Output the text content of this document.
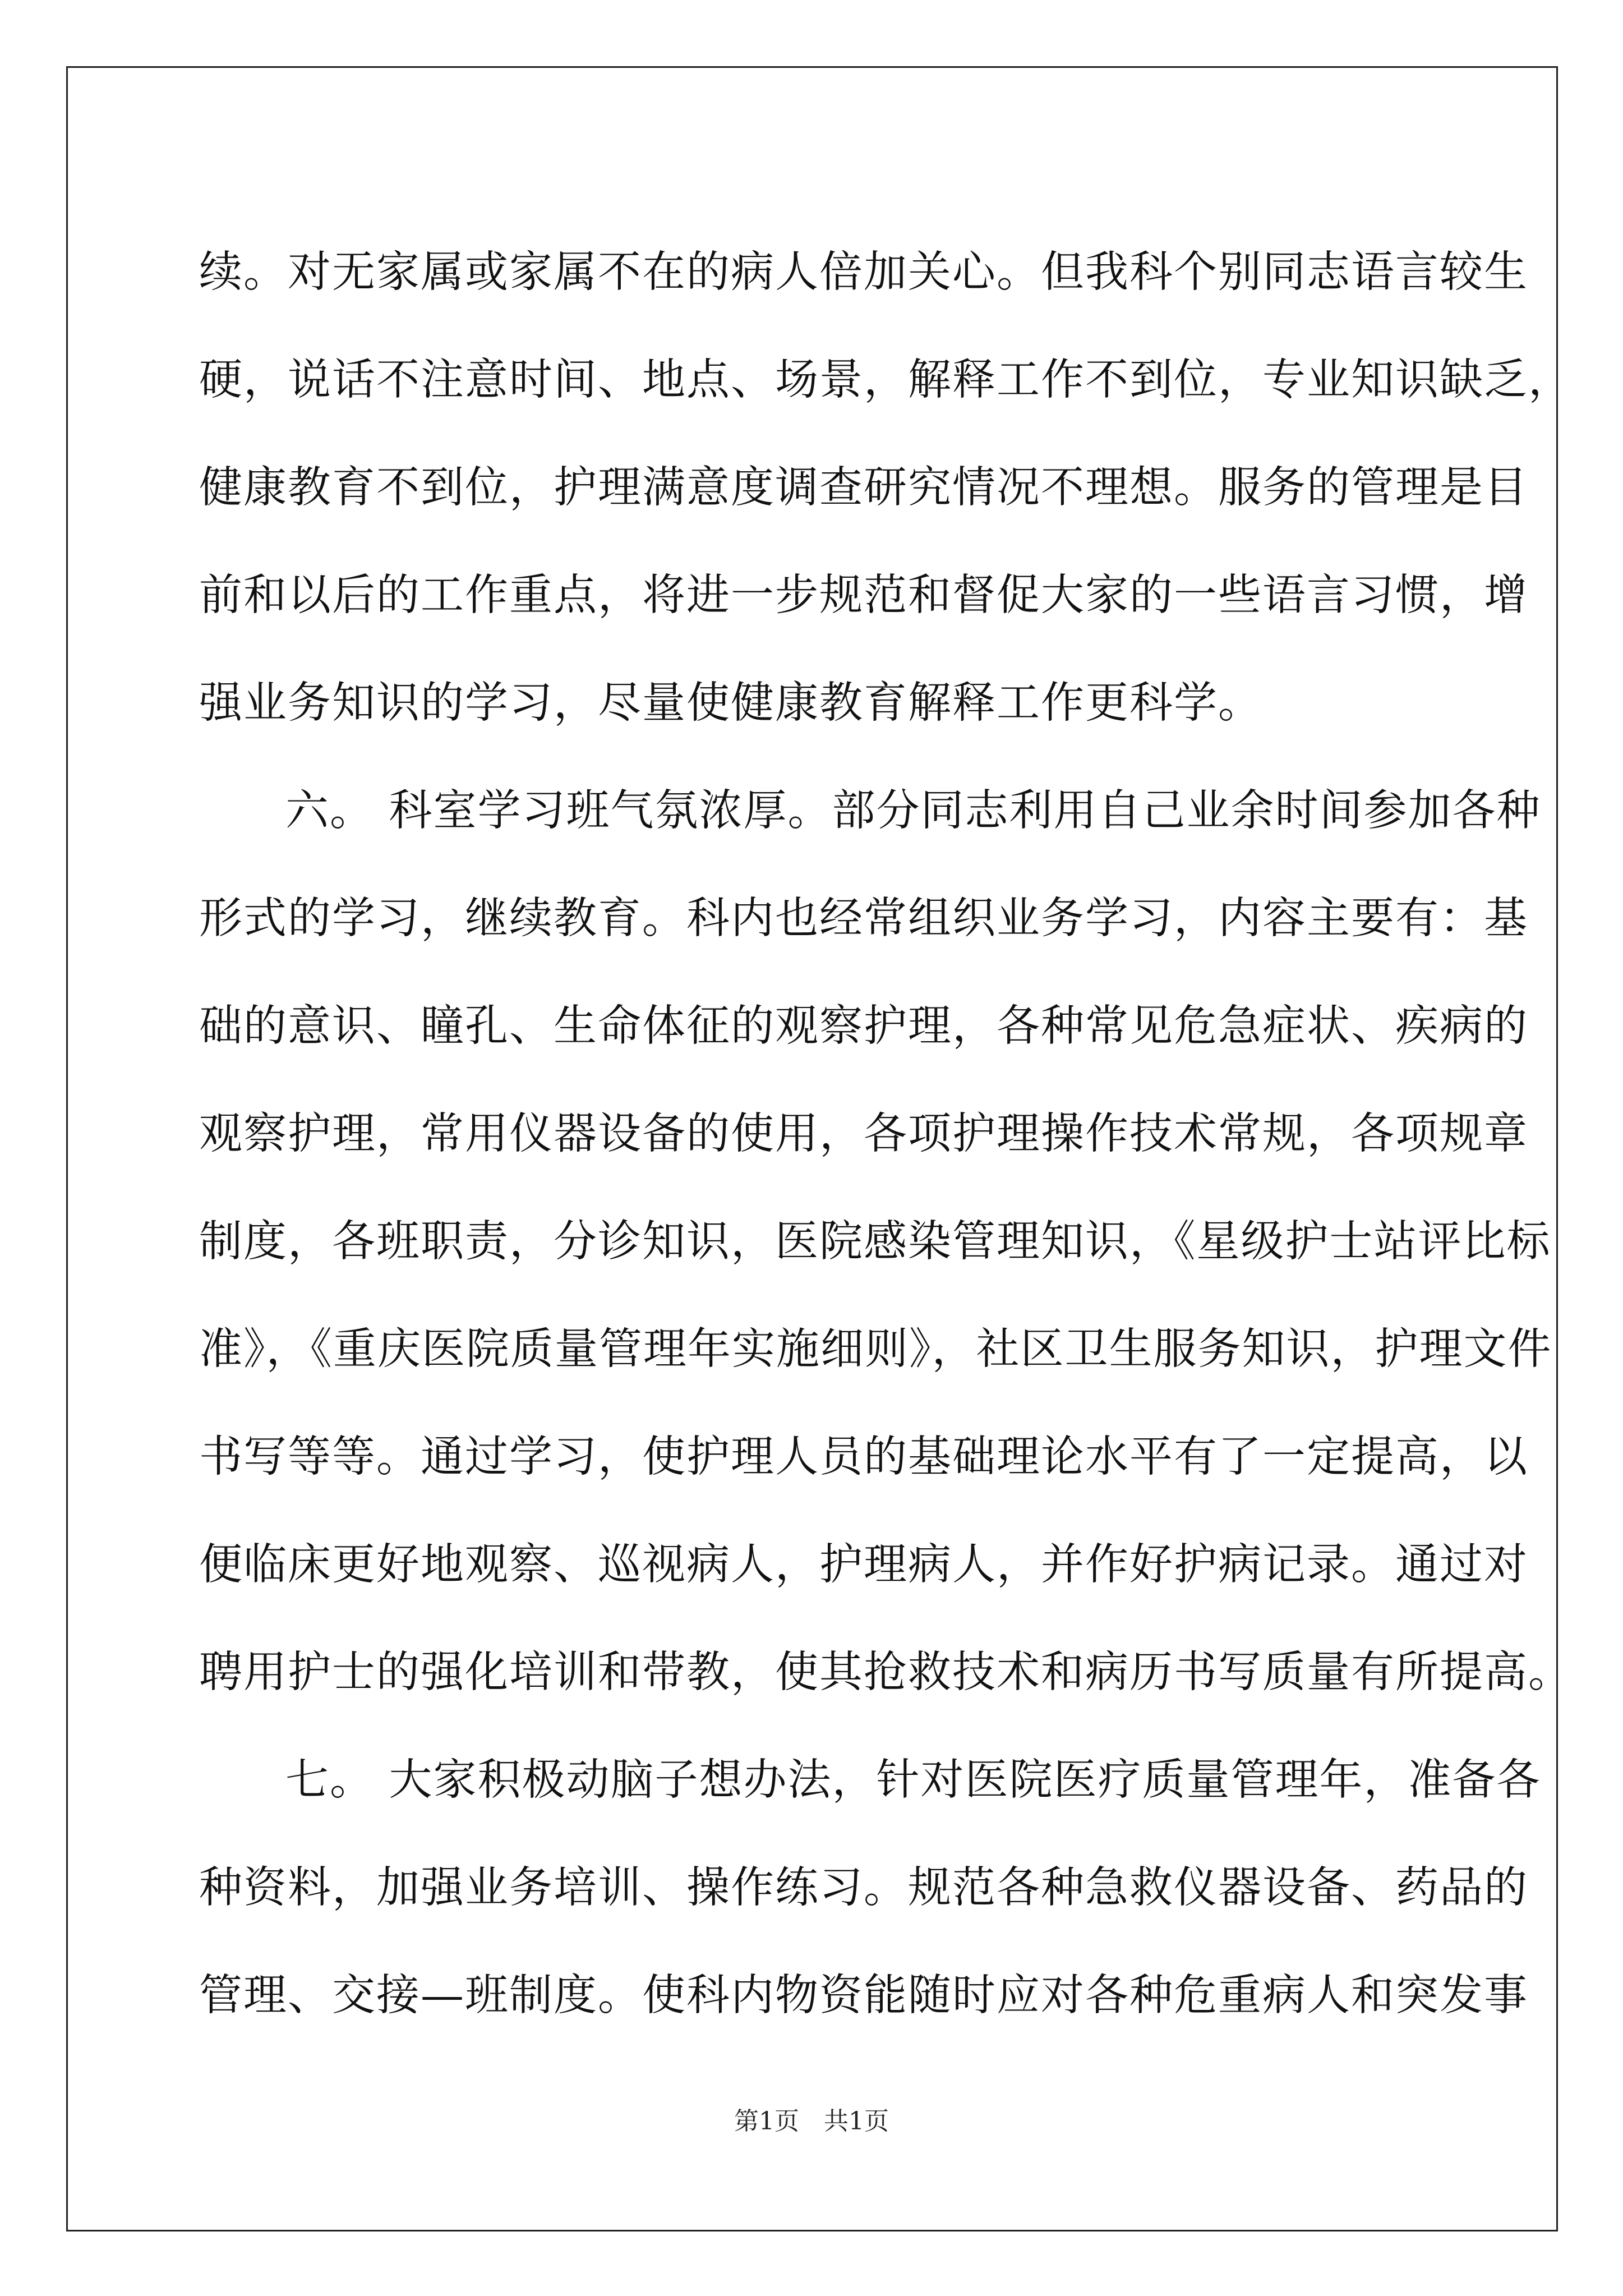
续。对无家属或家属不在的病人倍加关心。但我科个别同志语言较生
硬，说话不注意时间、地点、场景，解释工作不到位，专业知识缺乏，
健康教育不到位，护理满意度调查研究情况不理想。服务的管理是目
前和以后的工作重点，将进一步规范和督促大家的一些语言习惯，增
强业务知识的学习，尽量使健康教育解释工作更科学。

六。 科室学习班气氛浓厚。部分同志利用自己业余时间参加各种
形式的学习，继续教育。科内也经常组织业务学习，内容主要有：基
础的意识、瞳孔、生命体征的观察护理，各种常见危急症状、疾病的
观察护理，常用仪器设备的使用，各项护理操作技术常规，各项规章
制度，各班职责，分诊知识，医院感染管理知识，《星级护士站评比标
准》，《重庆医院质量管理年实施细则》，社区卫生服务知识，护理文件
书写等等。通过学习，使护理人员的基础理论水平有了一定提高，以
便临床更好地观察、巡视病人，护理病人，并作好护病记录。通过对
聘用护士的强化培训和带教，使其抢救技术和病历书写质量有所提高。

七。 大家积极动脑子想办法，针对医院医疗质量管理年，准备各
种资料，加强业务培训、操作练习。规范各种急救仪器设备、药品的
管理、交接—班制度。使科内物资能随时应对各种危重病人和突发事

第1页　共1页
